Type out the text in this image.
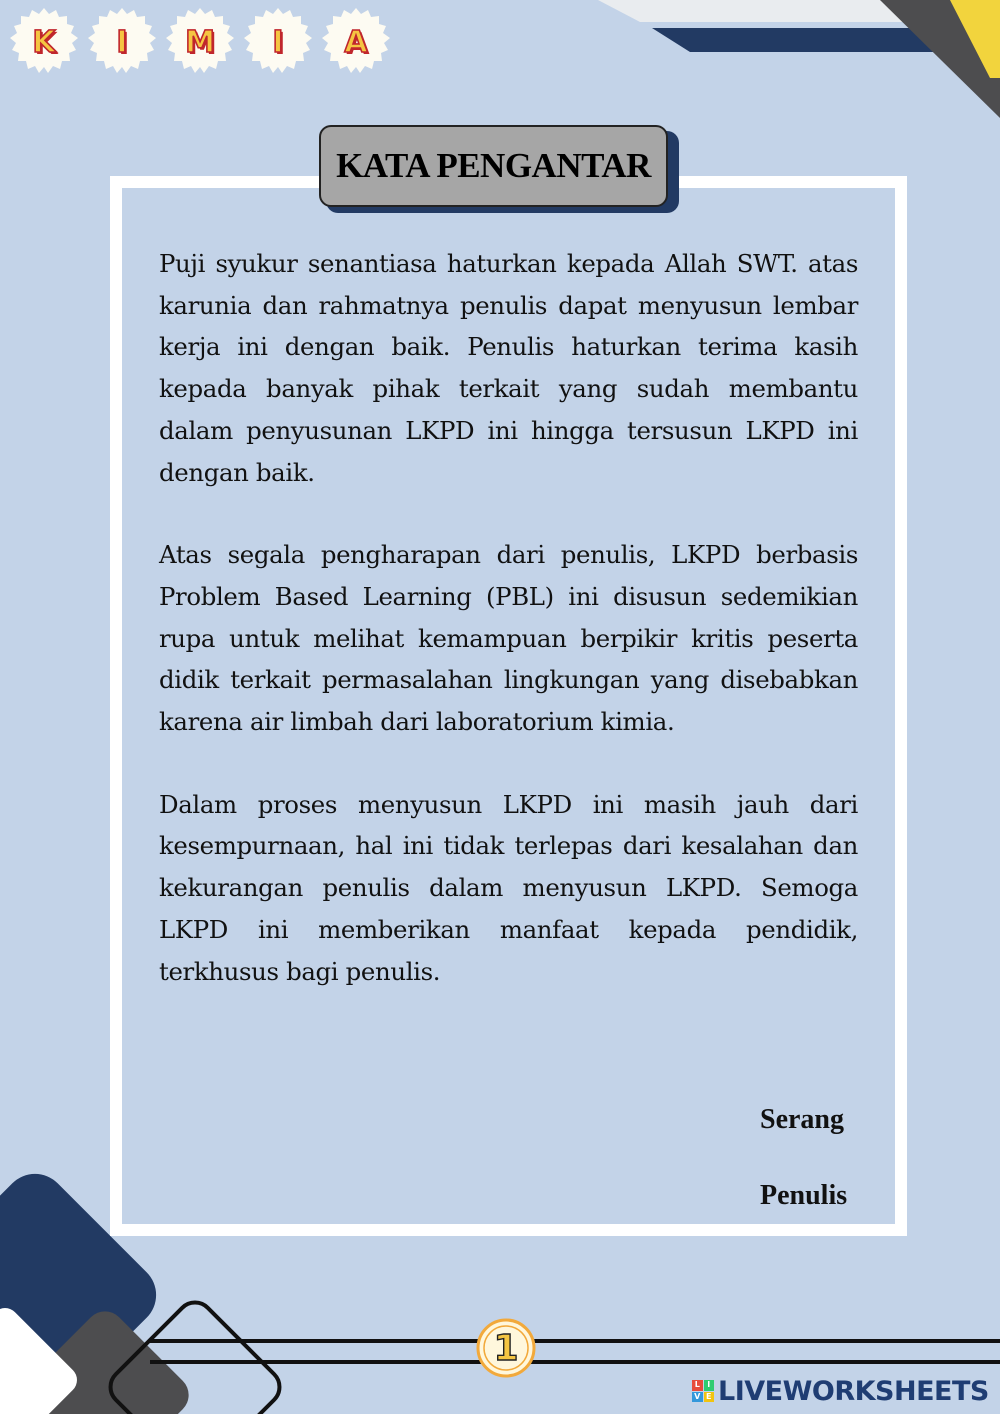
K	I	M	I	A
KATA PENGANTAR

Puji syukur senantiasa haturkan kepada Allah SWT. atas karunia dan rahmatnya penulis dapat menyusun lembar kerja ini dengan baik. Penulis haturkan terima kasih kepada banyak pihak terkait yang sudah membantu dalam penyusunan LKPD ini hingga tersusun LKPD ini dengan baik.

Atas segala pengharapan dari penulis, LKPD berbasis Problem Based Learning (PBL) ini disusun sedemikian rupa untuk melihat kemampuan berpikir kritis peserta didik terkait permasalahan lingkungan yang disebabkan karena air limbah dari laboratorium kimia.

Dalam proses menyusun LKPD ini masih jauh dari kesempurnaan, hal ini tidak terlepas dari kesalahan dan kekurangan penulis dalam menyusun LKPD. Semoga LKPD ini memberikan manfaat kepada pendidik, terkhusus bagi penulis.

Serang
Penulis
1
L I
V E LIVEWORKSHEETS
